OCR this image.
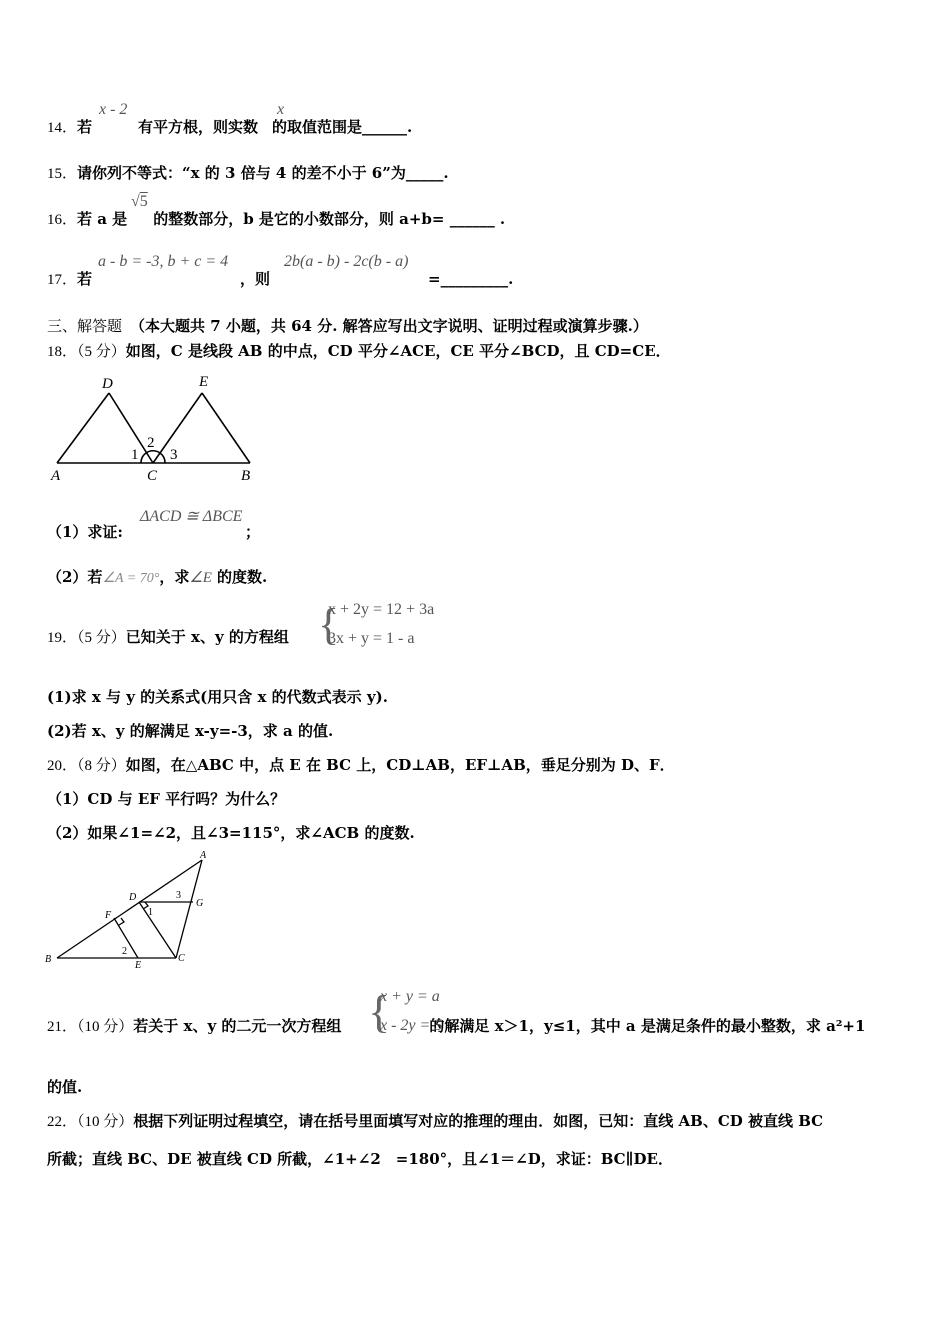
14．若	有平方根，则实数 的取值范围是______.
x - 2	x
15．请你列不等式：“x 的 3 倍与 4 的差不小于 6”为_____.
16．若 a 是 的整数部分，b 是它的小数部分，则 a+b= ______ .
√5
17．若	，则	=_________.
a - b = -3, b + c = 4	2b(a - b) - 2c(b - a)
三、解答题 （本大题共 7 小题，共 64 分. 解答应写出文字说明、证明过程或演算步骤.）
18．（5 分）如图，C 是线段 AB 的中点，CD 平分∠ACE，CE 平分∠BCD，且 CD=CE．
D	E
A	C	B
1
2
3
（1）求证:	；
ΔACD ≅ ΔBCE
（2）若∠A = 70°，求∠E 的度数.
19．（5 分）已知关于 x、y 的方程组 {
x + 2y = 12 + 3a
3x + y = 1 - a
(1)求 x 与 y 的关系式(用只含 x 的代数式表示 y).
(2)若 x、y 的解满足 x-y=-3，求 a 的值.
20．（8 分）如图，在△ABC 中，点 E 在 BC 上，CD⊥AB，EF⊥AB，垂足分别为 D、F．
（1）CD 与 EF 平行吗？为什么？
（2）如果∠1=∠2，且∠3=115°，求∠ACB 的度数.
A
D
G
F
B
E
C
1
2
3
21．（10 分）若关于 x、y 的二元一次方程组	的解满足 x＞1，y≤1，其中 a 是满足条件的最小整数，求 a²+1
{
x + y = a
x - 2y = 5
的值.
22．（10 分）根据下列证明过程填空，请在括号里面填写对应的推理的理由．如图，已知：直线 AB、CD 被直线 BC
所截；直线 BC、DE 被直线 CD 所截，∠1+∠2　=180°，且∠1＝∠D，求证：BC∥DE．
